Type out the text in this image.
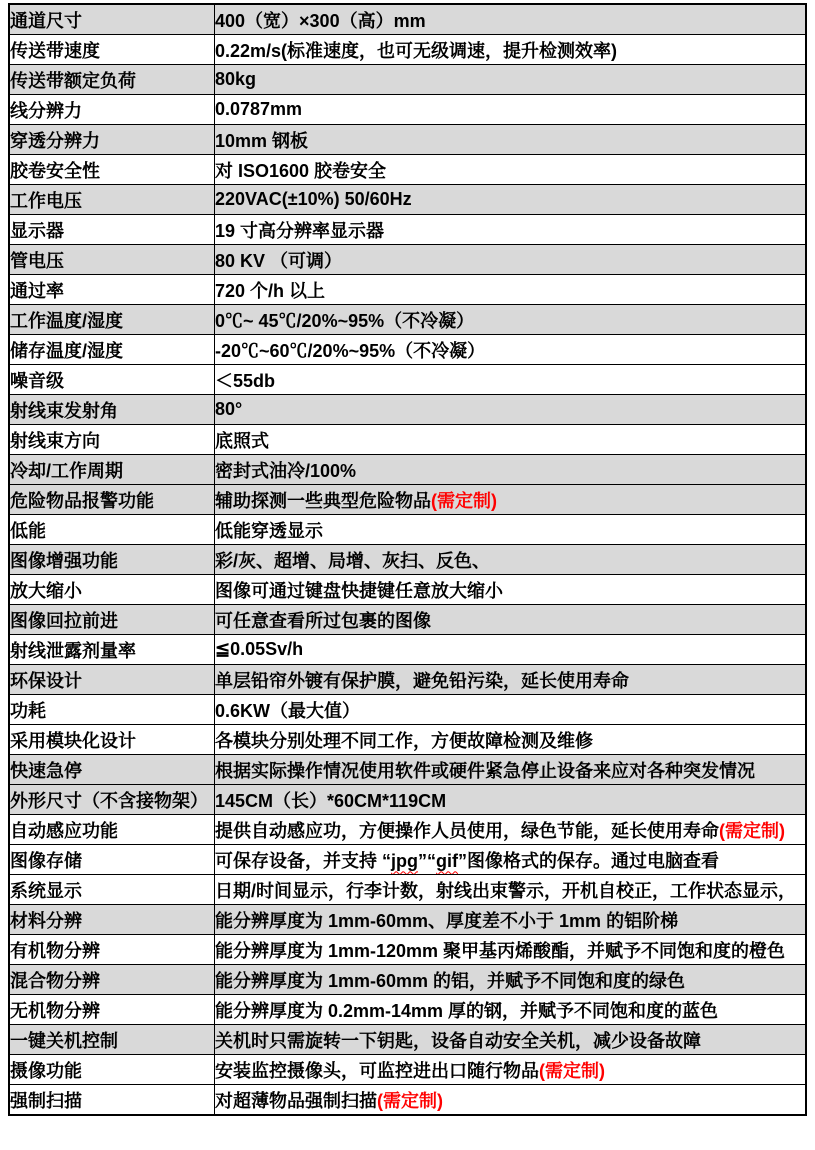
通道尺寸	400（宽）×300（高）mm
传送带速度	0.22m/s(标准速度，也可无级调速，提升检测效率)
传送带额定负荷	80kg
线分辨力	0.0787mm
穿透分辨力	10mm 钢板
胶卷安全性	对 ISO1600 胶卷安全
工作电压	220VAC(±10%) 50/60Hz
显示器	19 寸高分辨率显示器
管电压	80 KV （可调）
通过率	720 个/h 以上
工作温度/湿度	0℃~ 45℃/20%~95%（不冷凝）
储存温度/湿度	-20℃~60℃/20%~95%（不冷凝）
噪音级	＜55db
射线束发射角	80°
射线束方向	底照式
冷却/工作周期	密封式油冷/100%
危险物品报警功能	辅助探测一些典型危险物品(需定制)
低能	低能穿透显示
图像增强功能	彩/灰、超增、局增、灰扫、反色、
放大缩小	图像可通过键盘快捷键任意放大缩小
图像回拉前进	可任意查看所过包裹的图像
射线泄露剂量率	≦0.05Sv/h
环保设计	单层铅帘外镀有保护膜，避免铅污染，延长使用寿命
功耗	0.6KW（最大值）
采用模块化设计	各模块分别处理不同工作，方便故障检测及维修
快速急停	根据实际操作情况使用软件或硬件紧急停止设备来应对各种突发情况
外形尺寸（不含接物架）	145CM（长）*60CM*119CM
自动感应功能	提供自动感应功，方便操作人员使用，绿色节能，延长使用寿命(需定制)
图像存储	可保存设备，并支持 “jpg”“gif”图像格式的保存。通过电脑查看
系统显示	日期/时间显示，行李计数，射线出束警示，开机自校正，工作状态显示，
材料分辨	能分辨厚度为 1mm-60mm、厚度差不小于 1mm 的铝阶梯
有机物分辨	能分辨厚度为 1mm-120mm 聚甲基丙烯酸酯，并赋予不同饱和度的橙色
混合物分辨	能分辨厚度为 1mm-60mm 的铝，并赋予不同饱和度的绿色
无机物分辨	能分辨厚度为 0.2mm-14mm 厚的钢，并赋予不同饱和度的蓝色
一键关机控制	关机时只需旋转一下钥匙，设备自动安全关机，减少设备故障
摄像功能	安装监控摄像头，可监控进出口随行物品(需定制)
强制扫描	对超薄物品强制扫描(需定制)
